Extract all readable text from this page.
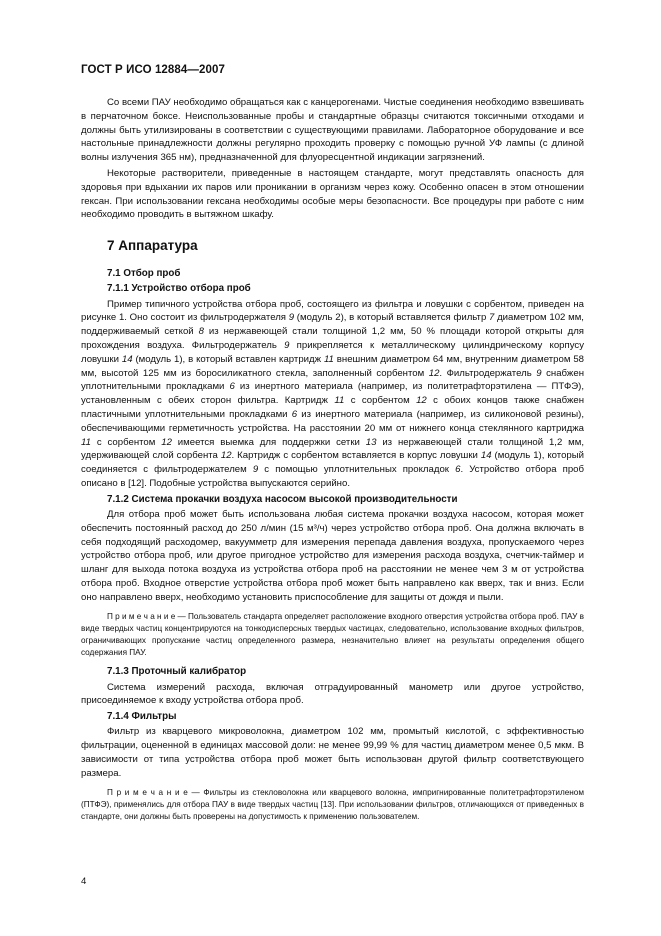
ГОСТ Р ИСО 12884—2007

Со всеми ПАУ необходимо обращаться как с канцерогенами. Чистые соединения необходимо взвешивать в перчаточном боксе. Неиспользованные пробы и стандартные образцы считаются токсичными отходами и должны быть утилизированы в соответствии с существующими правилами. Лабораторное оборудование и все настольные принадлежности должны регулярно проходить проверку с помощью ручной УФ лампы (с длиной волны излучения 365 нм), предназначенной для флуоресцентной индикации загрязнений.

Некоторые растворители, приведенные в настоящем стандарте, могут представлять опасность для здоровья при вдыхании их паров или проникании в организм через кожу. Особенно опасен в этом отношении гексан. При использовании гексана необходимы особые меры безопасности. Все процедуры при работе с ним необходимо проводить в вытяжном шкафу.

7 Аппаратура
7.1 Отбор проб
7.1.1 Устройство отбора проб

Пример типичного устройства отбора проб, состоящего из фильтра и ловушки с сорбентом, приведен на рисунке 1. Оно состоит из фильтродержателя 9 (модуль 2), в который вставляется фильтр 7 диаметром 102 мм, поддерживаемый сеткой 8 из нержавеющей стали толщиной 1,2 мм, 50 % площади которой открыты для прохождения воздуха. Фильтродержатель 9 прикрепляется к металлическому цилиндрическому корпусу ловушки 14 (модуль 1), в который вставлен картридж 11 внешним диаметром 64 мм, внутренним диаметром 58 мм, высотой 125 мм из боросиликатного стекла, заполненный сорбентом 12. Фильтродержатель 9 снабжен уплотнительными прокладками 6 из инертного материала (например, из политетрафторэтилена — ПТФЭ), установленным с обеих сторон фильтра. Картридж 11 с сорбентом 12 с обоих концов также снабжен пластичными уплотнительными прокладками 6 из инертного материала (например, из силиконовой резины), обеспечивающими герметичность устройства. На расстоянии 20 мм от нижнего конца стеклянного картриджа 11 с сорбентом 12 имеется выемка для поддержки сетки 13 из нержавеющей стали толщиной 1,2 мм, удерживающей слой сорбента 12. Картридж с сорбентом вставляется в корпус ловушки 14 (модуль 1), который соединяется с фильтродержателем 9 с помощью уплотнительных прокладок 6. Устройство отбора проб описано в [12]. Подобные устройства выпускаются серийно.

7.1.2 Система прокачки воздуха насосом высокой производительности

Для отбора проб может быть использована любая система прокачки воздуха насосом, которая может обеспечить постоянный расход до 250 л/мин (15 м³/ч) через устройство отбора проб. Она должна включать в себя подходящий расходомер, вакуумметр для измерения перепада давления воздуха, пропускаемого через устройство отбора проб, или другое пригодное устройство для измерения расхода воздуха, счетчик-таймер и шланг для выхода потока воздуха из устройства отбора проб на расстоянии не менее чем 3 м от устройства отбора проб. Входное отверстие устройства отбора проб может быть направлено как вверх, так и вниз. Если оно направлено вверх, необходимо установить приспособление для защиты от дождя и пыли.

П р и м е ч а н и е — Пользователь стандарта определяет расположение входного отверстия устройства отбора проб. ПАУ в виде твердых частиц концентрируются на тонкодисперсных твердых частицах, следовательно, использование входных фильтров, ограничивающих пропускание частиц определенного размера, незначительно влияет на результаты определения общего содержания ПАУ.
7.1.3 Проточный калибратор

Система измерений расхода, включая отградуированный манометр или другое устройство, присоединяемое к входу устройства отбора проб.

7.1.4 Фильтры

Фильтр из кварцевого микроволокна, диаметром 102 мм, промытый кислотой, с эффективностью фильтрации, оцененной в единицах массовой доли: не менее 99,99 % для частиц диаметром менее 0,5 мкм. В зависимости от типа устройства отбора проб может быть использован другой фильтр соответствующего размера.

П р и м е ч а н и е — Фильтры из стекловолокна или кварцевого волокна, импригнированные политетрафторэтиленом (ПТФЭ), применялись для отбора ПАУ в виде твердых частиц [13]. При использовании фильтров, отличающихся от приведенных в стандарте, они должны быть проверены на допустимость к применению пользователем.
4
